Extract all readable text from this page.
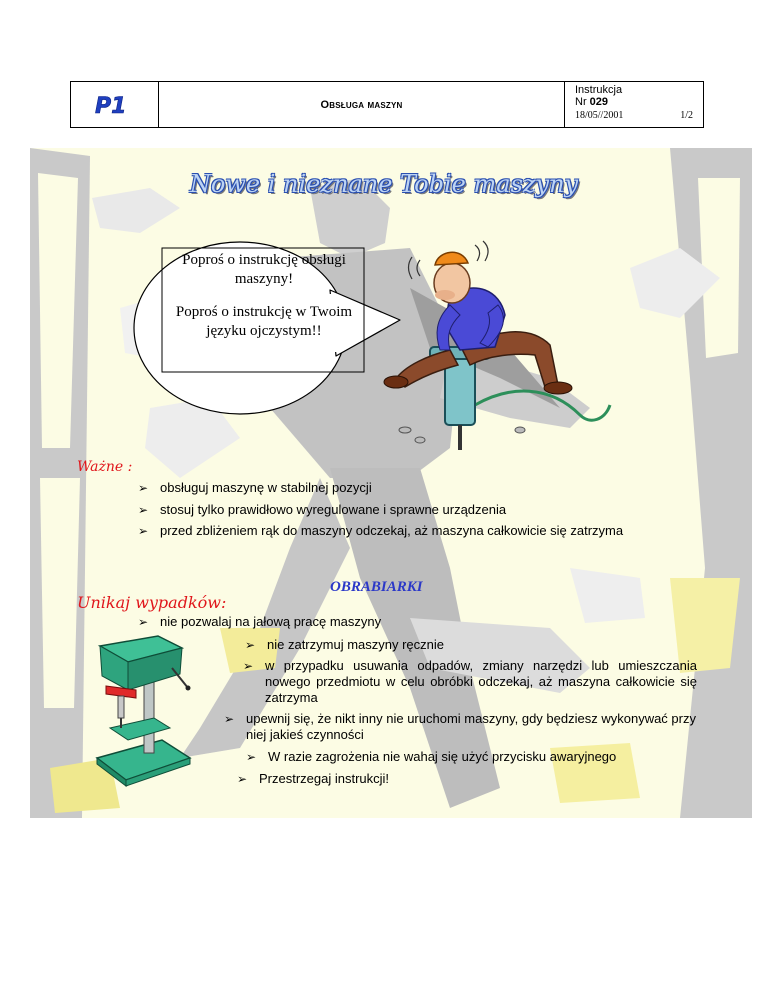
P1	Obsługa maszyn
Instrukcja
Nr 029
18/05//2001	1/2
Nowe i nieznane Tobie maszyny

Poproś o instrukcję obsługi maszyny!

Poproś o instrukcję w Twoim języku ojczystym!!

Ważne :
➢ obsługuj maszynę w stabilnej pozycji
➢ stosuj tylko prawidłowo wyregulowane i sprawne urządzenia
➢ przed zbliżeniem rąk do maszyny odczekaj, aż maszyna całkowicie się zatrzyma
OBRABIARKI
Unikaj wypadków:
➢ nie pozwalaj na jałową pracę maszyny
➢ nie zatrzymuj maszyny ręcznie
➢ w przypadku usuwania odpadów, zmiany narzędzi lub umieszczania nowego przedmiotu w celu obróbki odczekaj, aż maszyna całkowicie się zatrzyma
➢ upewnij się, że nikt inny nie uruchomi maszyny, gdy będziesz wykonywać przy niej jakieś czynności
➢ W razie zagrożenia nie wahaj się użyć przycisku awaryjnego
➢ Przestrzegaj instrukcji!
